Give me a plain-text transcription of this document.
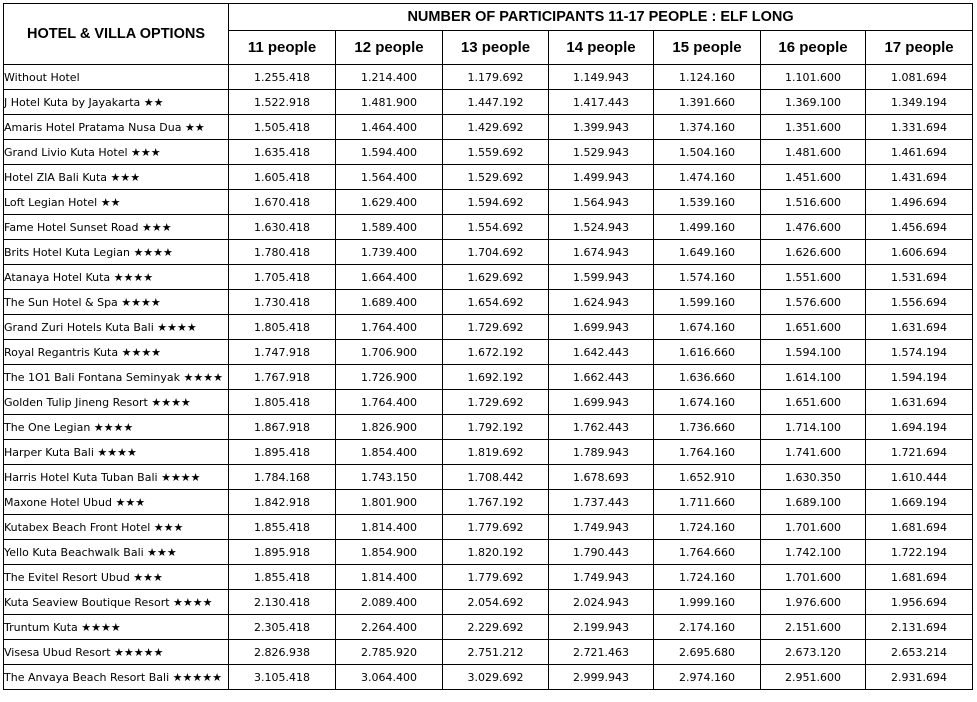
HOTEL & VILLA OPTIONS	NUMBER OF PARTICIPANTS 11-17 PEOPLE : ELF LONG						
	11 people	12 people	13 people	14 people	15 people	16 people	17 people
Without Hotel	1.255.418	1.214.400	1.179.692	1.149.943	1.124.160	1.101.600	1.081.694
J Hotel Kuta by Jayakarta ★★	1.522.918	1.481.900	1.447.192	1.417.443	1.391.660	1.369.100	1.349.194
Amaris Hotel Pratama Nusa Dua ★★	1.505.418	1.464.400	1.429.692	1.399.943	1.374.160	1.351.600	1.331.694
Grand Livio Kuta Hotel ★★★	1.635.418	1.594.400	1.559.692	1.529.943	1.504.160	1.481.600	1.461.694
Hotel ZIA Bali Kuta ★★★	1.605.418	1.564.400	1.529.692	1.499.943	1.474.160	1.451.600	1.431.694
Loft Legian Hotel ★★	1.670.418	1.629.400	1.594.692	1.564.943	1.539.160	1.516.600	1.496.694
Fame Hotel Sunset Road ★★★	1.630.418	1.589.400	1.554.692	1.524.943	1.499.160	1.476.600	1.456.694
Brits Hotel Kuta Legian ★★★★	1.780.418	1.739.400	1.704.692	1.674.943	1.649.160	1.626.600	1.606.694
Atanaya Hotel Kuta ★★★★	1.705.418	1.664.400	1.629.692	1.599.943	1.574.160	1.551.600	1.531.694
The Sun Hotel & Spa ★★★★	1.730.418	1.689.400	1.654.692	1.624.943	1.599.160	1.576.600	1.556.694
Grand Zuri Hotels Kuta Bali ★★★★	1.805.418	1.764.400	1.729.692	1.699.943	1.674.160	1.651.600	1.631.694
Royal Regantris Kuta ★★★★	1.747.918	1.706.900	1.672.192	1.642.443	1.616.660	1.594.100	1.574.194
The 1O1 Bali Fontana Seminyak ★★★★	1.767.918	1.726.900	1.692.192	1.662.443	1.636.660	1.614.100	1.594.194
Golden Tulip Jineng Resort ★★★★	1.805.418	1.764.400	1.729.692	1.699.943	1.674.160	1.651.600	1.631.694
The One Legian ★★★★	1.867.918	1.826.900	1.792.192	1.762.443	1.736.660	1.714.100	1.694.194
Harper Kuta Bali ★★★★	1.895.418	1.854.400	1.819.692	1.789.943	1.764.160	1.741.600	1.721.694
Harris Hotel Kuta Tuban Bali ★★★★	1.784.168	1.743.150	1.708.442	1.678.693	1.652.910	1.630.350	1.610.444
Maxone Hotel Ubud ★★★	1.842.918	1.801.900	1.767.192	1.737.443	1.711.660	1.689.100	1.669.194
Kutabex Beach Front Hotel ★★★	1.855.418	1.814.400	1.779.692	1.749.943	1.724.160	1.701.600	1.681.694
Yello Kuta Beachwalk Bali ★★★	1.895.918	1.854.900	1.820.192	1.790.443	1.764.660	1.742.100	1.722.194
The Evitel Resort Ubud ★★★	1.855.418	1.814.400	1.779.692	1.749.943	1.724.160	1.701.600	1.681.694
Kuta Seaview Boutique Resort ★★★★	2.130.418	2.089.400	2.054.692	2.024.943	1.999.160	1.976.600	1.956.694
Truntum Kuta ★★★★	2.305.418	2.264.400	2.229.692	2.199.943	2.174.160	2.151.600	2.131.694
Visesa Ubud Resort ★★★★★	2.826.938	2.785.920	2.751.212	2.721.463	2.695.680	2.673.120	2.653.214
The Anvaya Beach Resort Bali ★★★★★	3.105.418	3.064.400	3.029.692	2.999.943	2.974.160	2.951.600	2.931.694
